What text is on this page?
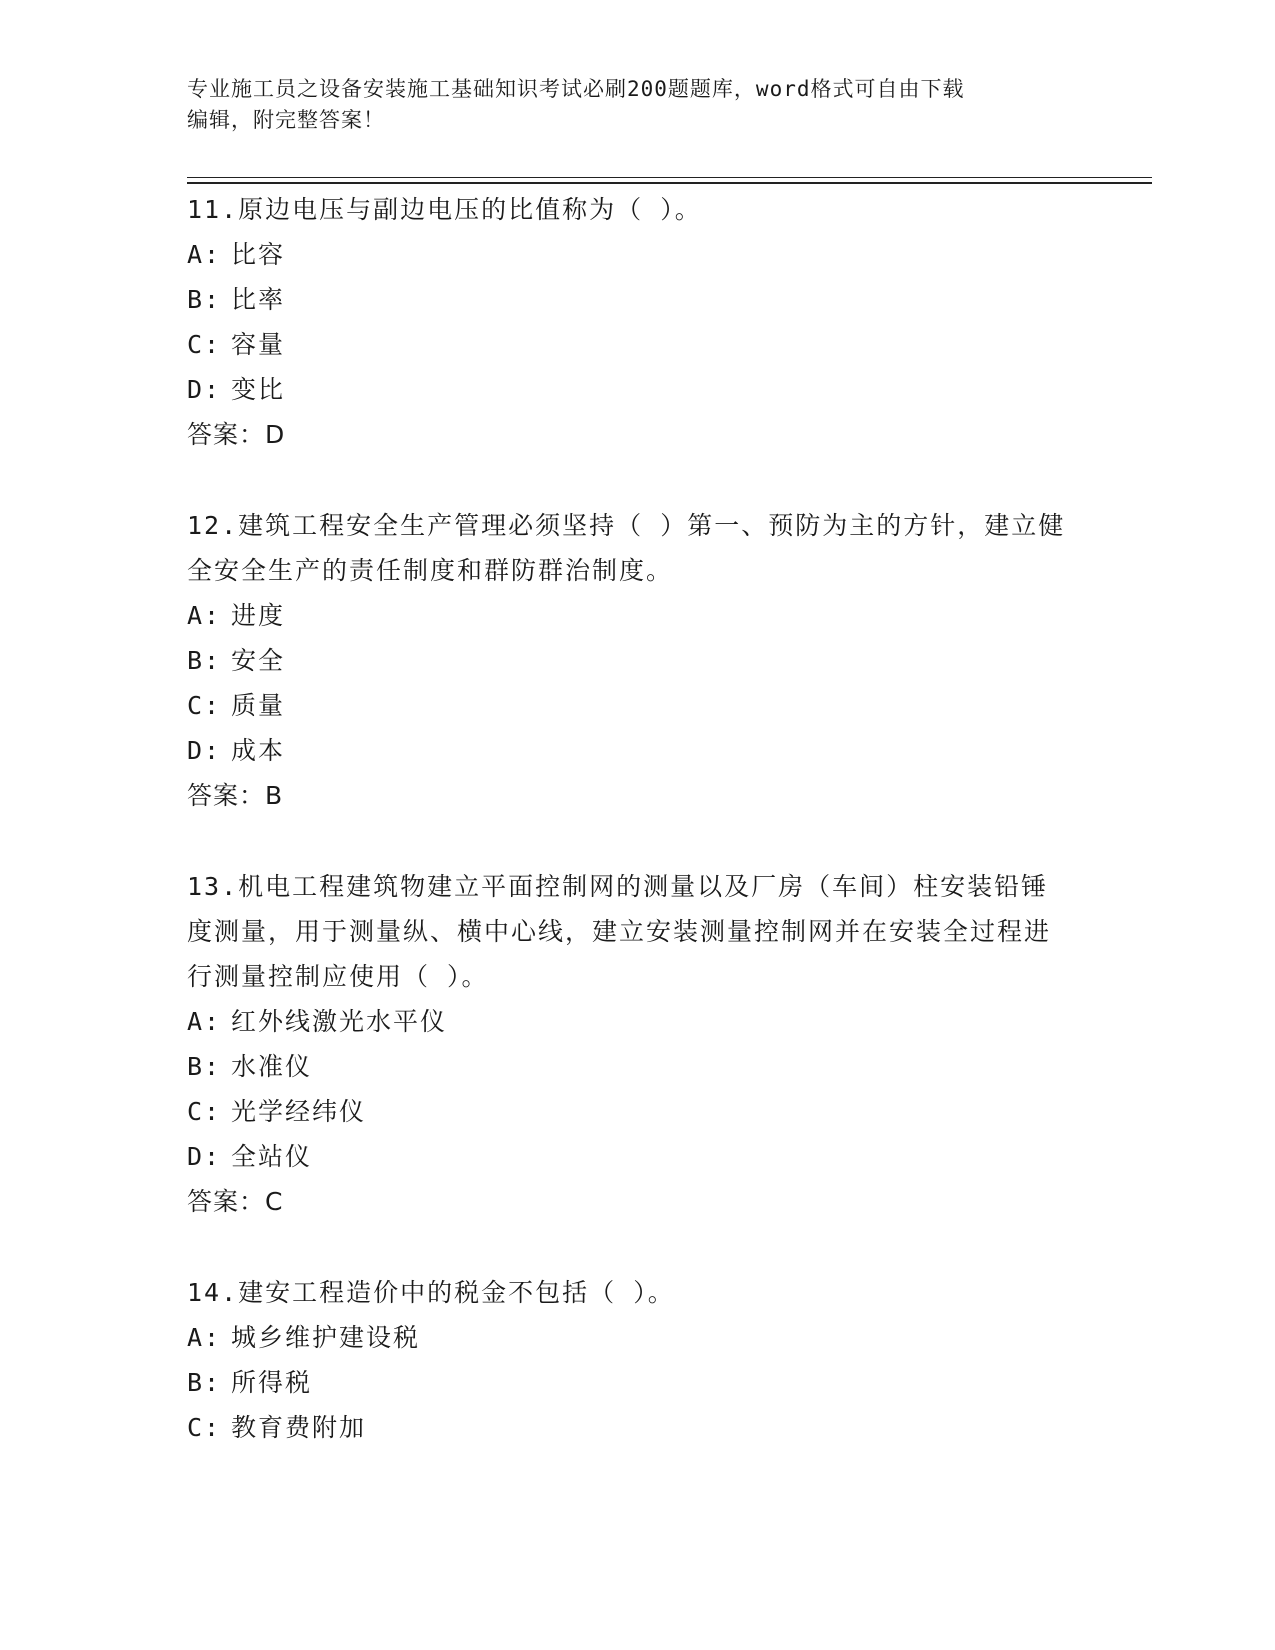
专业施工员之设备安装施工基础知识考试必刷200题题库，word格式可自由下载
编辑，附完整答案！
11.原边电压与副边电压的比值称为（ ）。
A: 比容
B: 比率
C: 容量
D: 变比
答案：D
12.建筑工程安全生产管理必须坚持（ ）第一、预防为主的方针，建立健全安全生产的责任制度和群防群治制度。
A: 进度
B: 安全
C: 质量
D: 成本
答案：B
13.机电工程建筑物建立平面控制网的测量以及厂房（车间）柱安装铅锤度测量，用于测量纵、横中心线，建立安装测量控制网并在安装全过程进行测量控制应使用（ ）。
A: 红外线激光水平仪
B: 水准仪
C: 光学经纬仪
D: 全站仪
答案：C
14.建安工程造价中的税金不包括（ ）。
A: 城乡维护建设税
B: 所得税
C: 教育费附加
